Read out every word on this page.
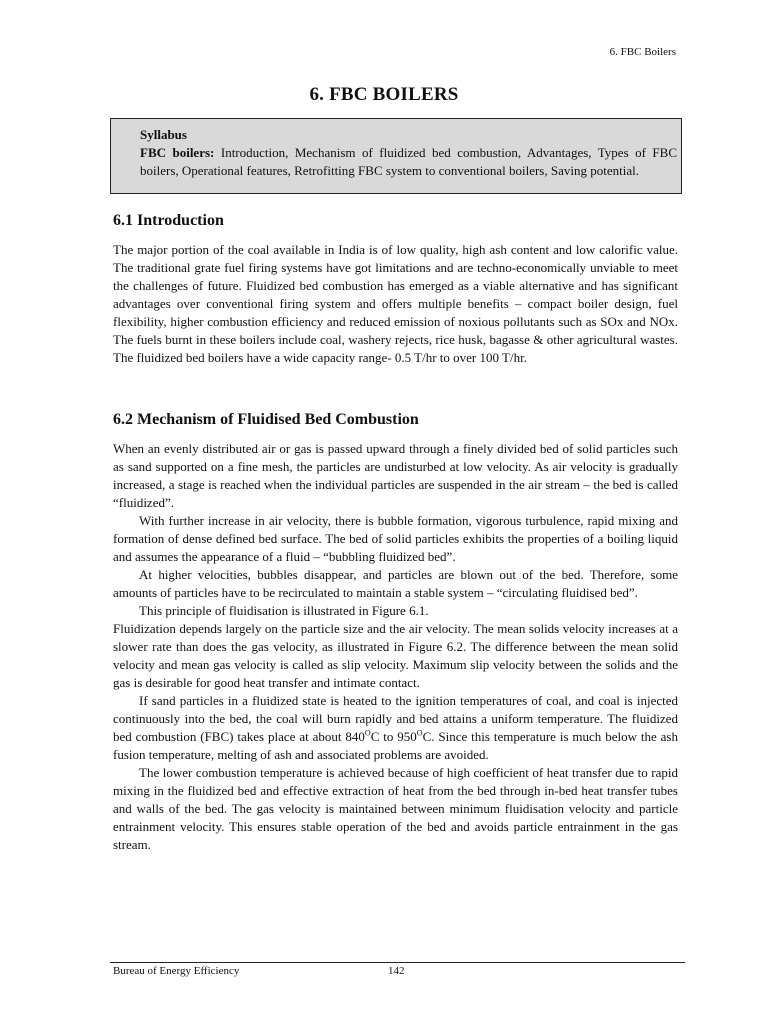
6. FBC Boilers
6. FBC BOILERS
Syllabus
FBC boilers: Introduction, Mechanism of fluidized bed combustion, Advantages, Types of FBC boilers, Operational features, Retrofitting FBC system to conventional boilers, Saving potential.
6.1 Introduction

The major portion of the coal available in India is of low quality, high ash content and low calorific value. The traditional grate fuel firing systems have got limitations and are techno-economically unviable to meet the challenges of future. Fluidized bed combustion has emerged as a viable alternative and has significant advantages over conventional firing system and offers multiple benefits – compact boiler design, fuel flexibility, higher combustion efficiency and reduced emission of noxious pollutants such as SOx and NOx. The fuels burnt in these boilers include coal, washery rejects, rice husk, bagasse & other agricultural wastes. The fluidized bed boilers have a wide capacity range- 0.5 T/hr to over 100 T/hr.

6.2 Mechanism of Fluidised Bed Combustion

When an evenly distributed air or gas is passed upward through a finely divided bed of solid particles such as sand supported on a fine mesh, the particles are undisturbed at low velocity. As air velocity is gradually increased, a stage is reached when the individual particles are suspended in the air stream – the bed is called “fluidized”.

With further increase in air velocity, there is bubble formation, vigorous turbulence, rapid mixing and formation of dense defined bed surface. The bed of solid particles exhibits the properties of a boiling liquid and assumes the appearance of a fluid – “bubbling fluidized bed”.

At higher velocities, bubbles disappear, and particles are blown out of the bed. Therefore, some amounts of particles have to be recirculated to maintain a stable system – “circulating fluidised bed”.

This principle of fluidisation is illustrated in Figure 6.1.

Fluidization depends largely on the particle size and the air velocity. The mean solids velocity increases at a slower rate than does the gas velocity, as illustrated in Figure 6.2. The difference between the mean solid velocity and mean gas velocity is called as slip velocity. Maximum slip velocity between the solids and the gas is desirable for good heat transfer and intimate contact.

If sand particles in a fluidized state is heated to the ignition temperatures of coal, and coal is injected continuously into the bed, the coal will burn rapidly and bed attains a uniform temperature. The fluidized bed combustion (FBC) takes place at about $840^OC$ to $950^OC$. Since this temperature is much below the ash fusion temperature, melting of ash and associated problems are avoided.

The lower combustion temperature is achieved because of high coefficient of heat transfer due to rapid mixing in the fluidized bed and effective extraction of heat from the bed through in-bed heat transfer tubes and walls of the bed. The gas velocity is maintained between minimum fluidisation velocity and particle entrainment velocity. This ensures stable operation of the bed and avoids particle entrainment in the gas stream.

Bureau of Energy Efficiency	142
